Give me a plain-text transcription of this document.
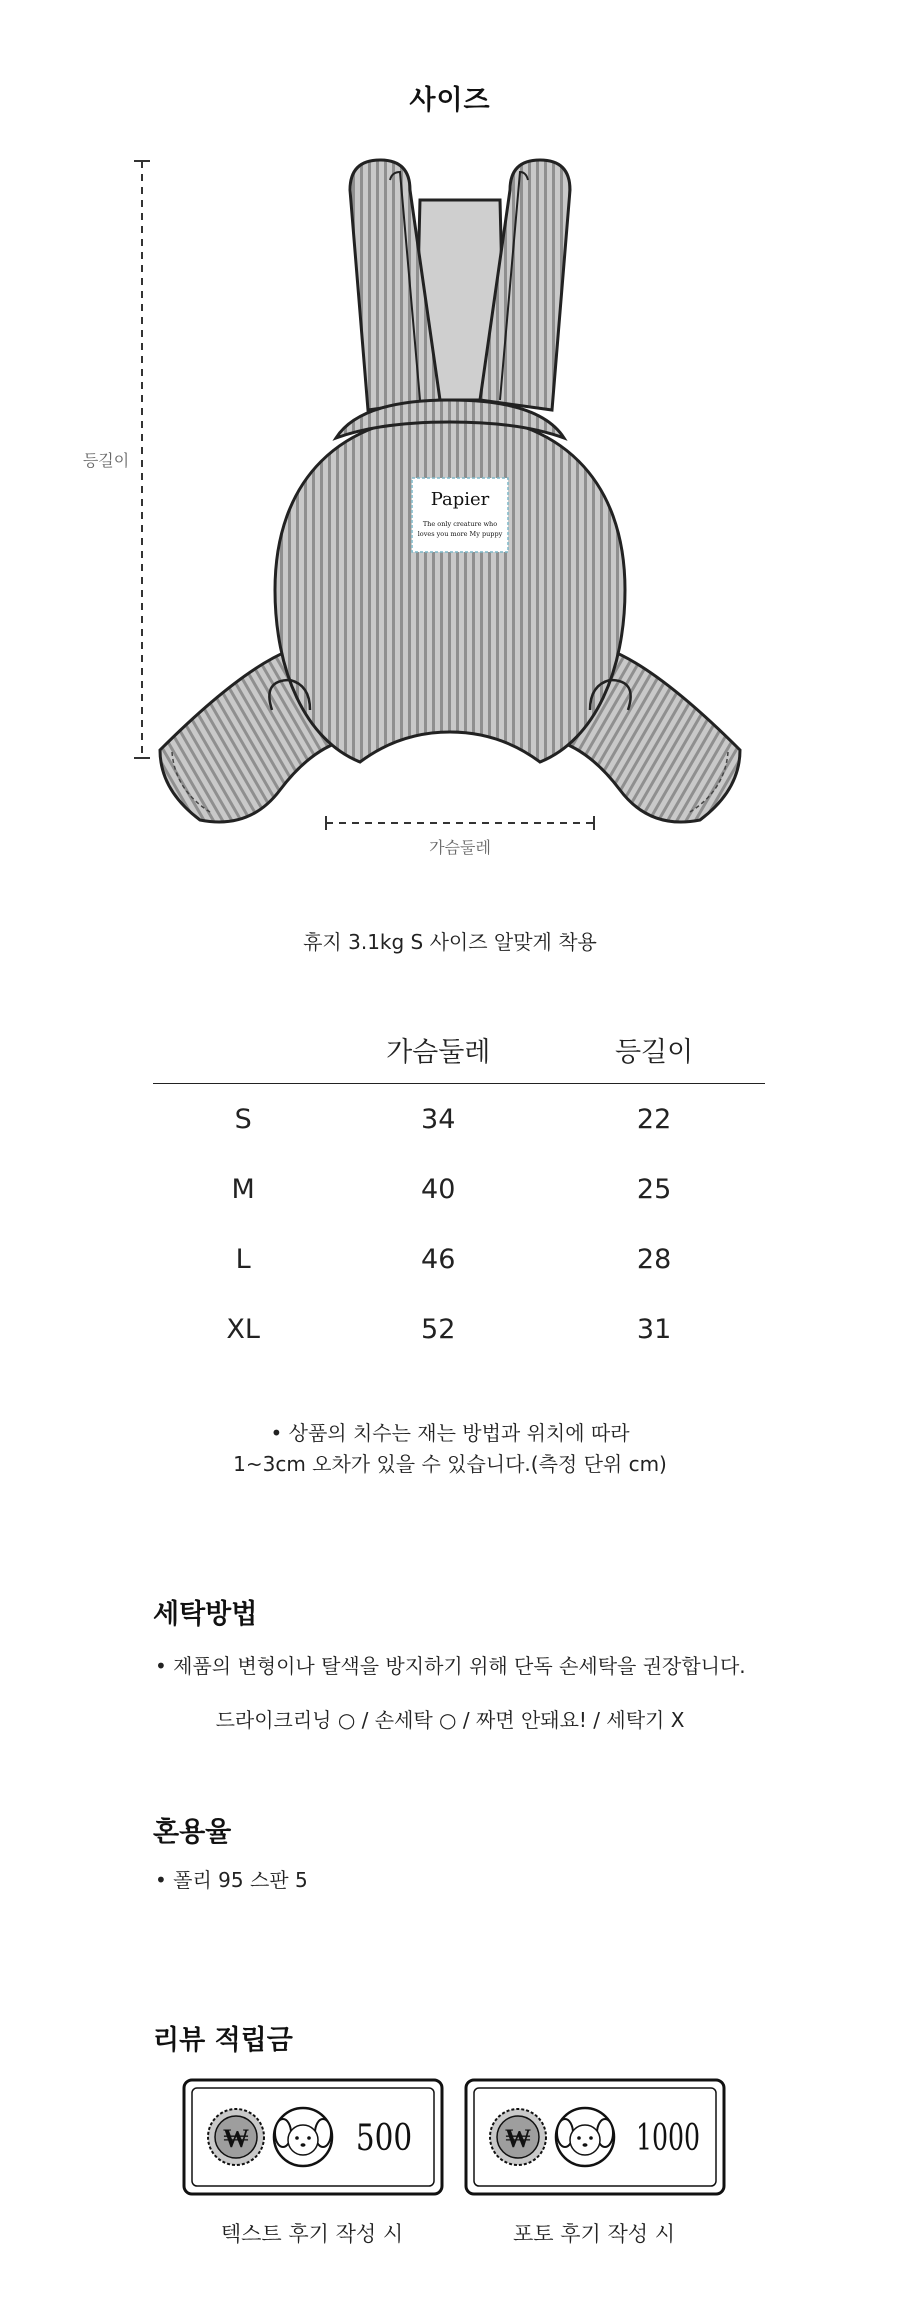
사이즈
Papier
The only creature who
loves you more My puppy
등길이
가슴둘레
휴지 3.1kg S 사이즈 알맞게 착용
	가슴둘레	등길이
S	34	22
M	40	25
L	46	28
XL	52	31
• 상품의 치수는 재는 방법과 위치에 따라
1~3cm 오차가 있을 수 있습니다.(측정 단위 cm)
세탁방법
• 제품의 변형이나 탈색을 방지하기 위해 단독 손세탁을 권장합니다.
드라이크리닝 ○ / 손세탁 ○ / 짜면 안돼요! / 세탁기 X
혼용율
• 폴리 95 스판 5
리뷰 적립금
₩	500
텍스트 후기 작성 시
₩	1000
포토 후기 작성 시
